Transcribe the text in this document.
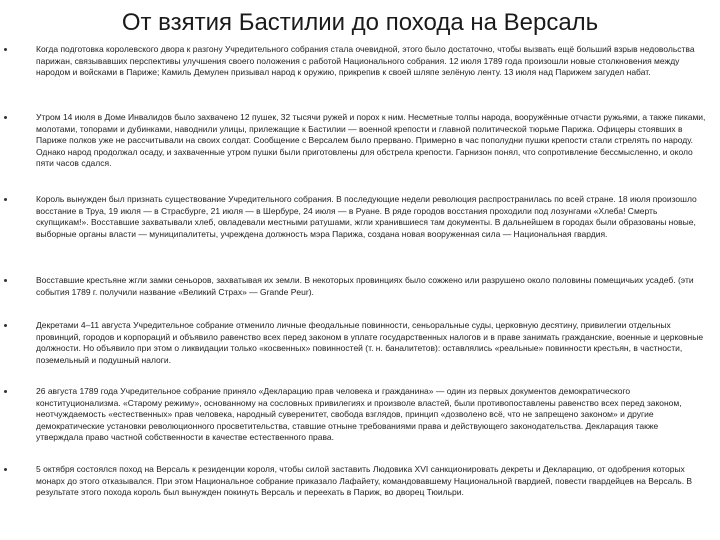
От взятия Бастилии до похода на Версаль
Когда подготовка королевского двора к разгону Учредительного собрания стала очевидной, этого было достаточно, чтобы вызвать ещё больший взрыв недовольства парижан, связывавших перспективы улучшения своего положения с работой Национального собрания. 12 июля 1789 года произошли новые столкновения между народом и войсками в Париже; Камиль Демулен призывал народ к оружию, прикрепив к своей шляпе зелёную ленту. 13 июля над Парижем загудел набат.
Утром 14 июля в Доме Инвалидов было захвачено 12 пушек, 32 тысячи ружей и порох к ним. Несметные толпы народа, вооружённые отчасти ружьями, а также пиками, молотами, топорами и дубинками, наводнили улицы, прилежащие к Бастилии — военной крепости и главной политической тюрьме Парижа. Офицеры стоявших в Париже полков уже не рассчитывали на своих солдат. Сообщение с Версалем было прервано. Примерно в час пополудни пушки крепости стали стрелять по народу. Однако народ продолжал осаду, и захваченные утром пушки были приготовлены для обстрела крепости. Гарнизон понял, что сопротивление бессмысленно, и около пяти часов сдался.
Король вынужден был признать существование Учредительного собрания. В последующие недели революция распространилась по всей стране. 18 июля произошло восстание в Труа, 19 июля — в Страсбурге, 21 июля — в Шербуре, 24 июля — в Руане. В ряде городов восстания проходили под лозунгами «Хлеба! Смерть скупщикам!». Восставшие захватывали хлеб, овладевали местными ратушами, жгли хранившиеся там документы. В дальнейшем в городах были образованы новые, выборные органы власти — муниципалитеты, учреждена должность мэра Парижа, создана новая вооруженная сила — Национальная гвардия.
Восставшие крестьяне жгли замки сеньоров, захватывая их земли. В некоторых провинциях было сожжено или разрушено около половины помещичьих усадеб. (эти события 1789 г. получили название «Великий Страх» — Grande Peur).
Декретами 4–11 августа Учредительное собрание отменило личные феодальные повинности, сеньоральные суды, церковную десятину, привилегии отдельных провинций, городов и корпораций и объявило равенство всех перед законом в уплате государственных налогов и в праве занимать гражданские, военные и церковные должности. Но объявило при этом о ликвидации только «косвенных» повинностей (т. н. баналитетов): оставлялись «реальные» повинности крестьян, в частности, поземельный и подушный налоги.
26 августа 1789 года Учредительное собрание приняло «Декларацию прав человека и гражданина» — один из первых документов демократического конституционализма. «Старому режиму», основанному на сословных привилегиях и произволе властей, были противопоставлены равенство всех перед законом, неотчуждаемость «естественных» прав человека, народный суверенитет, свобода взглядов, принцип «дозволено всё, что не запрещено законом» и другие демократические установки революционного просветительства, ставшие отныне требованиями права и действующего законодательства. Декларация также утверждала право частной собственности в качестве естественного права.
5 октября состоялся поход на Версаль к резиденции короля, чтобы силой заставить Людовика XVI санкционировать декреты и Декларацию, от одобрения которых монарх до этого отказывался. При этом Национальное собрание приказало Лафайету, командовавшему Национальной гвардией, повести гвардейцев на Версаль. В результате этого похода король был вынужден покинуть Версаль и переехать в Париж, во дворец Тюильри.
